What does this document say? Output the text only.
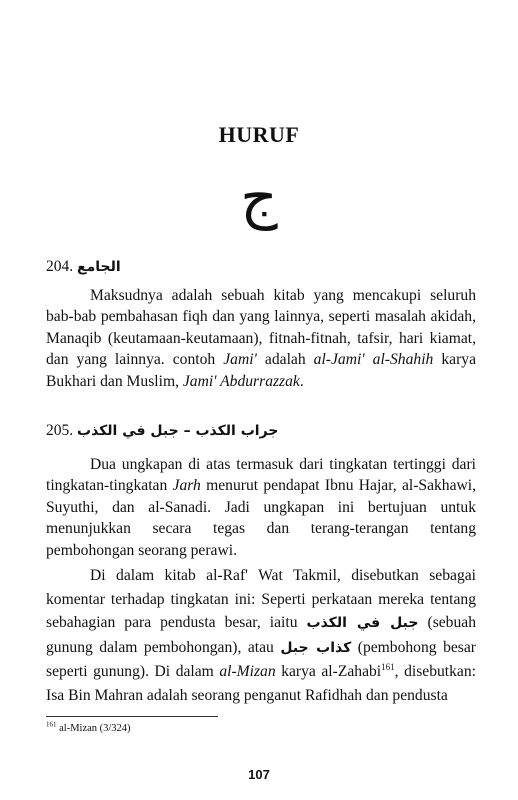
HURUF
ج
204. الجامع

Maksudnya adalah sebuah kitab yang mencakupi seluruh bab-bab pembahasan fiqh dan yang lainnya, seperti masalah akidah, Manaqib (keutamaan-keutamaan), fitnah-fitnah, tafsir, hari kiamat, dan yang lainnya. contoh Jami' adalah al-Jami' al-Shahih karya Bukhari dan Muslim, Jami' Abdurrazzak.

205. جراب الكذب – جبل في الكذب

Dua ungkapan di atas termasuk dari tingkatan tertinggi dari tingkatan-tingkatan Jarh menurut pendapat Ibnu Hajar, al-Sakhawi, Suyuthi, dan al-Sanadi. Jadi ungkapan ini bertujuan untuk menunjukkan secara tegas dan terang-terangan tentang pembohongan seorang perawi.

Di dalam kitab al-Raf' Wat Takmil, disebutkan sebagai komentar terhadap tingkatan ini: Seperti perkataan mereka tentang sebahagian para pendusta besar, iaitu جبل في الكذب (sebuah gunung dalam pembohongan), atau كذاب جبل (pembohong besar seperti gunung). Di dalam al-Mizan karya al-Zahabi$^{161}$, disebutkan: Isa Bin Mahran adalah seorang penganut Rafidhah dan pendusta

$^{161}$ al-Mizan (3/324)
107
